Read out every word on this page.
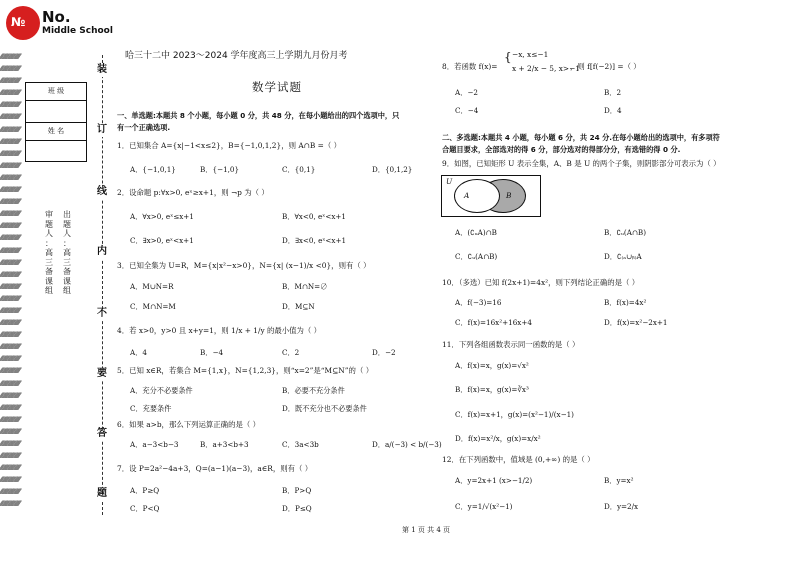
№ No.
Middle School
⁄⁄⁄⁄⁄⁄⁄⁄⁄⁄⁄⁄⁄⁄⁄⁄⁄⁄⁄⁄⁄⁄⁄⁄⁄⁄
⁄⁄⁄⁄⁄⁄⁄⁄⁄⁄⁄⁄⁄⁄⁄⁄⁄⁄⁄⁄⁄⁄⁄⁄⁄⁄
⁄⁄⁄⁄⁄⁄⁄⁄⁄⁄⁄⁄⁄⁄⁄⁄⁄⁄⁄⁄⁄⁄⁄⁄⁄⁄
⁄⁄⁄⁄⁄⁄⁄⁄⁄⁄⁄⁄⁄⁄⁄⁄⁄⁄⁄⁄⁄⁄⁄⁄⁄⁄
⁄⁄⁄⁄⁄⁄⁄⁄⁄⁄⁄⁄⁄⁄⁄⁄⁄⁄⁄⁄⁄⁄⁄⁄⁄⁄
⁄⁄⁄⁄⁄⁄⁄⁄⁄⁄⁄⁄⁄⁄⁄⁄⁄⁄⁄⁄⁄⁄⁄⁄⁄⁄
⁄⁄⁄⁄⁄⁄⁄⁄⁄⁄⁄⁄⁄⁄⁄⁄⁄⁄⁄⁄⁄⁄⁄⁄⁄⁄
⁄⁄⁄⁄⁄⁄⁄⁄⁄⁄⁄⁄⁄⁄⁄⁄⁄⁄⁄⁄⁄⁄⁄⁄⁄⁄
⁄⁄⁄⁄⁄⁄⁄⁄⁄⁄⁄⁄⁄⁄⁄⁄⁄⁄⁄⁄⁄⁄⁄⁄⁄⁄
⁄⁄⁄⁄⁄⁄⁄⁄⁄⁄⁄⁄⁄⁄⁄⁄⁄⁄⁄⁄⁄⁄⁄⁄⁄⁄
⁄⁄⁄⁄⁄⁄⁄⁄⁄⁄⁄⁄⁄⁄⁄⁄⁄⁄⁄⁄⁄⁄⁄⁄⁄⁄
⁄⁄⁄⁄⁄⁄⁄⁄⁄⁄⁄⁄⁄⁄⁄⁄⁄⁄⁄⁄⁄⁄⁄⁄⁄⁄
⁄⁄⁄⁄⁄⁄⁄⁄⁄⁄⁄⁄⁄⁄⁄⁄⁄⁄⁄⁄⁄⁄⁄⁄⁄⁄
⁄⁄⁄⁄⁄⁄⁄⁄⁄⁄⁄⁄⁄⁄⁄⁄⁄⁄⁄⁄⁄⁄⁄⁄⁄⁄
⁄⁄⁄⁄⁄⁄⁄⁄⁄⁄⁄⁄⁄⁄⁄⁄⁄⁄⁄⁄⁄⁄⁄⁄⁄⁄
⁄⁄⁄⁄⁄⁄⁄⁄⁄⁄⁄⁄⁄⁄⁄⁄⁄⁄⁄⁄⁄⁄⁄⁄⁄⁄
⁄⁄⁄⁄⁄⁄⁄⁄⁄⁄⁄⁄⁄⁄⁄⁄⁄⁄⁄⁄⁄⁄⁄⁄⁄⁄
⁄⁄⁄⁄⁄⁄⁄⁄⁄⁄⁄⁄⁄⁄⁄⁄⁄⁄⁄⁄⁄⁄⁄⁄⁄⁄
⁄⁄⁄⁄⁄⁄⁄⁄⁄⁄⁄⁄⁄⁄⁄⁄⁄⁄⁄⁄⁄⁄⁄⁄⁄⁄
⁄⁄⁄⁄⁄⁄⁄⁄⁄⁄⁄⁄⁄⁄⁄⁄⁄⁄⁄⁄⁄⁄⁄⁄⁄⁄
⁄⁄⁄⁄⁄⁄⁄⁄⁄⁄⁄⁄⁄⁄⁄⁄⁄⁄⁄⁄⁄⁄⁄⁄⁄⁄
⁄⁄⁄⁄⁄⁄⁄⁄⁄⁄⁄⁄⁄⁄⁄⁄⁄⁄⁄⁄⁄⁄⁄⁄⁄⁄
⁄⁄⁄⁄⁄⁄⁄⁄⁄⁄⁄⁄⁄⁄⁄⁄⁄⁄⁄⁄⁄⁄⁄⁄⁄⁄
⁄⁄⁄⁄⁄⁄⁄⁄⁄⁄⁄⁄⁄⁄⁄⁄⁄⁄⁄⁄⁄⁄⁄⁄⁄⁄
⁄⁄⁄⁄⁄⁄⁄⁄⁄⁄⁄⁄⁄⁄⁄⁄⁄⁄⁄⁄⁄⁄⁄⁄⁄⁄
⁄⁄⁄⁄⁄⁄⁄⁄⁄⁄⁄⁄⁄⁄⁄⁄⁄⁄⁄⁄⁄⁄⁄⁄⁄⁄
⁄⁄⁄⁄⁄⁄⁄⁄⁄⁄⁄⁄⁄⁄⁄⁄⁄⁄⁄⁄⁄⁄⁄⁄⁄⁄
⁄⁄⁄⁄⁄⁄⁄⁄⁄⁄⁄⁄⁄⁄⁄⁄⁄⁄⁄⁄⁄⁄⁄⁄⁄⁄
⁄⁄⁄⁄⁄⁄⁄⁄⁄⁄⁄⁄⁄⁄⁄⁄⁄⁄⁄⁄⁄⁄⁄⁄⁄⁄
⁄⁄⁄⁄⁄⁄⁄⁄⁄⁄⁄⁄⁄⁄⁄⁄⁄⁄⁄⁄⁄⁄⁄⁄⁄⁄
⁄⁄⁄⁄⁄⁄⁄⁄⁄⁄⁄⁄⁄⁄⁄⁄⁄⁄⁄⁄⁄⁄⁄⁄⁄⁄
⁄⁄⁄⁄⁄⁄⁄⁄⁄⁄⁄⁄⁄⁄⁄⁄⁄⁄⁄⁄⁄⁄⁄⁄⁄⁄
⁄⁄⁄⁄⁄⁄⁄⁄⁄⁄⁄⁄⁄⁄⁄⁄⁄⁄⁄⁄⁄⁄⁄⁄⁄⁄
⁄⁄⁄⁄⁄⁄⁄⁄⁄⁄⁄⁄⁄⁄⁄⁄⁄⁄⁄⁄⁄⁄⁄⁄⁄⁄
⁄⁄⁄⁄⁄⁄⁄⁄⁄⁄⁄⁄⁄⁄⁄⁄⁄⁄⁄⁄⁄⁄⁄⁄⁄⁄
⁄⁄⁄⁄⁄⁄⁄⁄⁄⁄⁄⁄⁄⁄⁄⁄⁄⁄⁄⁄⁄⁄⁄⁄⁄⁄
⁄⁄⁄⁄⁄⁄⁄⁄⁄⁄⁄⁄⁄⁄⁄⁄⁄⁄⁄⁄⁄⁄⁄⁄⁄⁄
⁄⁄⁄⁄⁄⁄⁄⁄⁄⁄⁄⁄⁄⁄⁄⁄⁄⁄⁄⁄⁄⁄⁄⁄⁄⁄
班 级
姓 名
审
题
人
：
高
三
备
课
组
出
题
人
：
高
三
备
课
组
装
订
线
内
不
要
答
题
哈三十二中 2023～2024 学年度高三上学期九月份月考
数学试题
一、单选题:本题共 8 个小题，每小题 0 分，共 48 分，在每小题给出的四个选项中，只
有一个正确选项.
1．已知集合 A={x|−1<x≤2}，B={−1,0,1,2}，则 A∩B =（ ）
A．{−1,0,1}	B．{−1,0}	C．{0,1}	D．{0,1,2}
2．设命题 p:∀x>0, eˣ≥x+1，则 ¬p 为（ ）
A．∀x>0, eˣ≤x+1	B．∀x<0, eˣ<x+1
C．∃x>0, eˣ<x+1	D．∃x<0, eˣ<x+1
3．已知全集为 U=R，M={x|x²−x>0}，N={x| (x−1)/x <0}，则有（ ）
A．M∪N=R	B．M∩N=∅
C．M∩N=M	D．M⊆N
4．若 x>0，y>0 且 x+y=1，则 1/x + 1/y 的最小值为（ ）
A．4	B．−4	C．2	D．−2
5．已知 x∈R，若集合 M={1,x}，N={1,2,3}，则“x=2”是“M⊆N”的（ ）
A．充分不必要条件	B．必要不充分条件
C．充要条件	D．既不充分也不必要条件
6．如果 a>b，那么下列运算正确的是（ ）
A．a−3<b−3	B．a+3<b+3	C．3a<3b	D．a/(−3) < b/(−3)
7．设 P=2a²−4a+3，Q=(a−1)(a−3)，a∈R，则有（ ）
A．P≥Q	B．P>Q
C．P<Q	D．P≤Q
8．若函数 f(x)=
{ −x, x≤−1
x + 2/x − 5, x>−1
，则 f[f(−2)] =（ ）
A．−2	B．2
C．−4	D．4
二、多选题:本题共 4 小题，每小题 6 分，共 24 分.在每小题给出的选项中，有多项符
合题目要求，全部选对的得 6 分，部分选对的得部分分，有选错的得 0 分.
9．如图，已知矩形 U 表示全集，A、B 是 U 的两个子集，则阴影部分可表示为（ ）
U
A	B
A．(∁ᵤA)∩B	B．∁ᵤ(A∩B)
C．∁ᵤ(A∩B)	D．∁₍ₐ∪ᵦ₎A
10．（多选）已知 f(2x+1)=4x²，则下列结论正确的是（ ）
A．f(−3)=16	B．f(x)=4x²
C．f(x)=16x²+16x+4	D．f(x)=x²−2x+1
11．下列各组函数表示同一函数的是（ ）
A．f(x)=x，g(x)=√x²
B．f(x)=x，g(x)=∛x³
C．f(x)=x+1，g(x)=(x²−1)/(x−1)
D．f(x)=x²/x，g(x)=x/x²
12．在下列函数中，值域是 (0,+∞) 的是（ ）
A．y=2x+1 (x>−1/2)	B．y=x²
C．y=1/√(x²−1)	D．y=2/x
第 1 页 共 4 页
